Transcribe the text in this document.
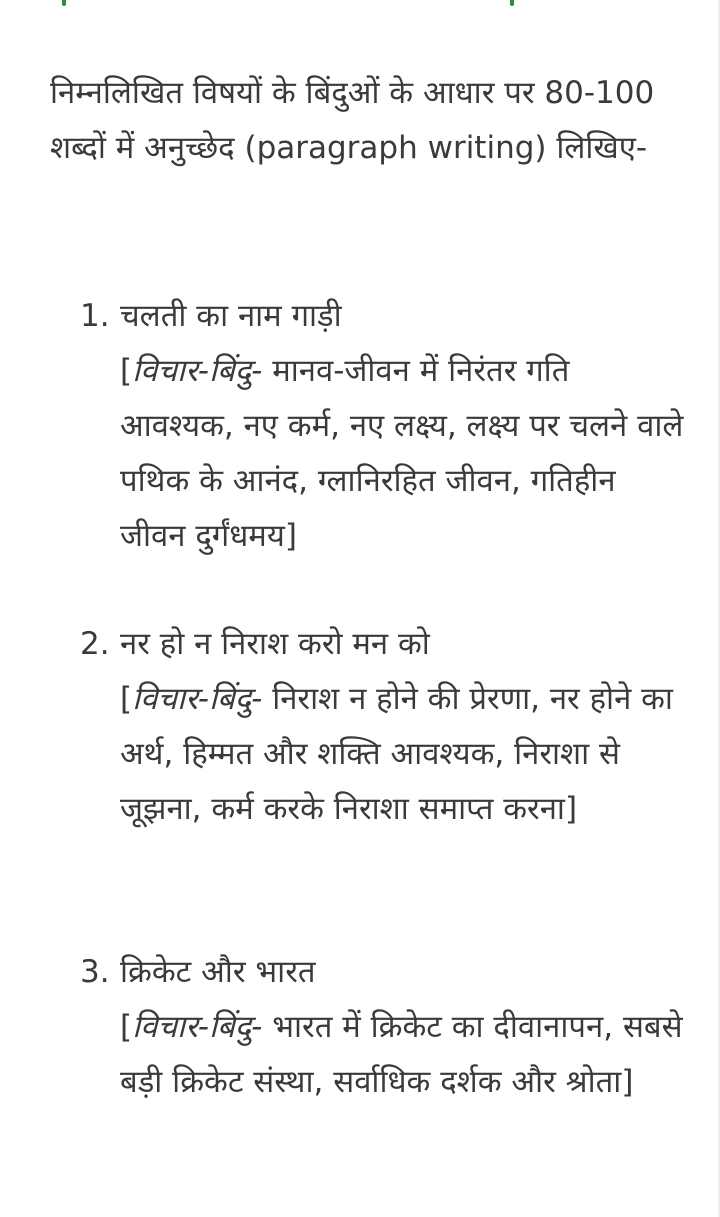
निम्नलिखित विषयों के बिंदुओं के आधार पर 80-100 शब्दों में अनुच्छेद (paragraph writing) लिखिए-

1. चलती का नाम गाड़ी

[विचार-बिंदु- मानव-जीवन में निरंतर गति आवश्यक, नए कर्म, नए लक्ष्य, लक्ष्य पर चलने वाले पथिक के आनंद, ग्लानिरहित जीवन, गतिहीन जीवन दुर्गंधमय]

2. नर हो न निराश करो मन को

[विचार-बिंदु- निराश न होने की प्रेरणा, नर होने का अर्थ, हिम्मत और शक्ति आवश्यक, निराशा से जूझना, कर्म करके निराशा समाप्त करना]

3. क्रिकेट और भारत

[विचार-बिंदु- भारत में क्रिकेट का दीवानापन, सबसे बड़ी क्रिकेट संस्था, सर्वाधिक दर्शक और श्रोता]
